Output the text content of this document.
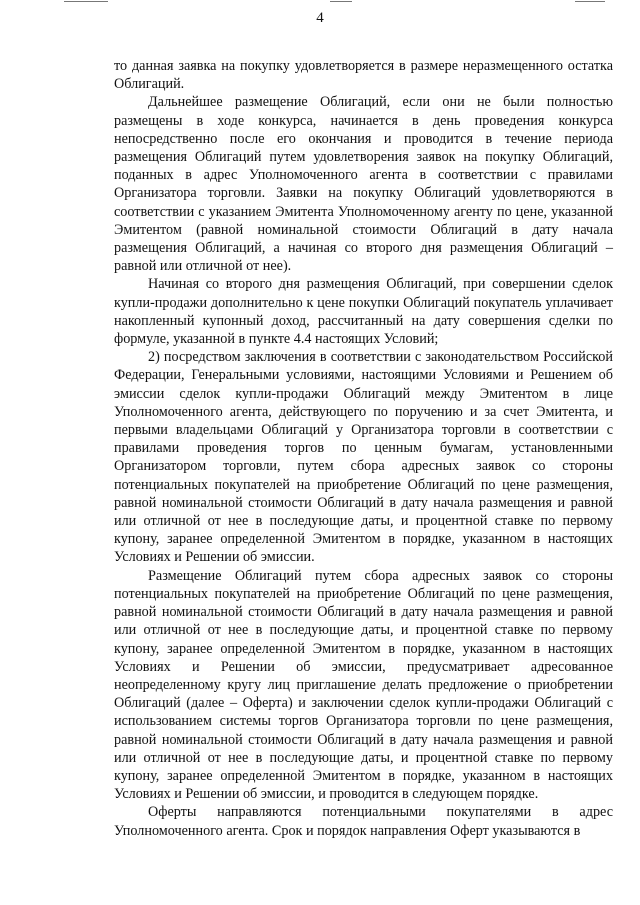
4

то данная заявка на покупку удовлетворяется в размере неразмещенного остатка Облигаций.

Дальнейшее размещение Облигаций, если они не были полностью размещены в ходе конкурса, начинается в день проведения конкурса непосредственно после его окончания и проводится в течение периода размещения Облигаций путем удовлетворения заявок на покупку Облигаций, поданных в адрес Уполномоченного агента в соответствии с правилами Организатора торговли. Заявки на покупку Облигаций удовлетворяются в соответствии с указанием Эмитента Уполномоченному агенту по цене, указанной Эмитентом (равной номинальной стоимости Облигаций в дату начала размещения Облигаций, а начиная со второго дня размещения Облигаций – равной или отличной от нее).

Начиная со второго дня размещения Облигаций, при совершении сделок купли-продажи дополнительно к цене покупки Облигаций покупатель уплачивает накопленный купонный доход, рассчитанный на дату совершения сделки по формуле, указанной в пункте 4.4 настоящих Условий;

2) посредством заключения в соответствии с законодательством Российской Федерации, Генеральными условиями, настоящими Условиями и Решением об эмиссии сделок купли-продажи Облигаций между Эмитентом в лице Уполномоченного агента, действующего по поручению и за счет Эмитента, и первыми владельцами Облигаций у Организатора торговли в соответствии с правилами проведения торгов по ценным бумагам, установленными Организатором торговли, путем сбора адресных заявок со стороны потенциальных покупателей на приобретение Облигаций по цене размещения, равной номинальной стоимости Облигаций в дату начала размещения и равной или отличной от нее в последующие даты, и процентной ставке по первому купону, заранее определенной Эмитентом в порядке, указанном в настоящих Условиях и Решении об эмиссии.

Размещение Облигаций путем сбора адресных заявок со стороны потенциальных покупателей на приобретение Облигаций по цене размещения, равной номинальной стоимости Облигаций в дату начала размещения и равной или отличной от нее в последующие даты, и процентной ставке по первому купону, заранее определенной Эмитентом в порядке, указанном в настоящих Условиях и Решении об эмиссии, предусматривает адресованное неопределенному кругу лиц приглашение делать предложение о приобретении Облигаций (далее – Оферта) и заключении сделок купли-продажи Облигаций с использованием системы торгов Организатора торговли по цене размещения, равной номинальной стоимости Облигаций в дату начала размещения и равной или отличной от нее в последующие даты, и процентной ставке по первому купону, заранее определенной Эмитентом в порядке, указанном в настоящих Условиях и Решении об эмиссии, и проводится в следующем порядке.

Оферты направляются потенциальными покупателями в адрес Уполномоченного агента. Срок и порядок направления Оферт указываются в
